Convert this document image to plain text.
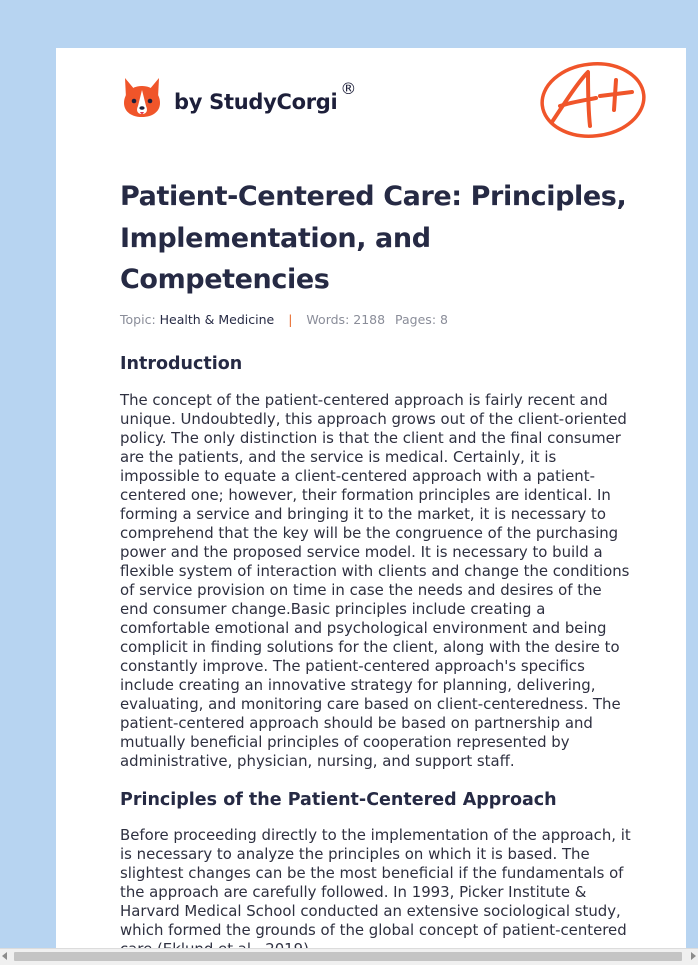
by StudyCorgi
®
Patient-Centered Care: Principles, Implementation, and Competencies
Topic: Health & Medicine | Words: 2188 Pages: 8
Introduction

The concept of the patient-centered approach is fairly recent and unique. Undoubtedly, this approach grows out of the client-oriented policy. The only distinction is that the client and the final consumer are the patients, and the service is medical. Certainly, it is impossible to equate a client-centered approach with a patient-centered one; however, their formation principles are identical. In forming a service and bringing it to the market, it is necessary to comprehend that the key will be the congruence of the purchasing power and the proposed service model. It is necessary to build a flexible system of interaction with clients and change the conditions of service provision on time in case the needs and desires of the end consumer change.Basic principles include creating a comfortable emotional and psychological environment and being complicit in finding solutions for the client, along with the desire to constantly improve. The patient-centered approach's specifics include creating an innovative strategy for planning, delivering, evaluating, and monitoring care based on client-centeredness. The patient-centered approach should be based on partnership and mutually beneficial principles of cooperation represented by administrative, physician, nursing, and support staff.

Principles of the Patient-Centered Approach

Before proceeding directly to the implementation of the approach, it is necessary to analyze the principles on which it is based. The slightest changes can be the most beneficial if the fundamentals of the approach are carefully followed. In 1993, Picker Institute & Harvard Medical School conducted an extensive sociological study, which formed the grounds of the global concept of patient-centered
